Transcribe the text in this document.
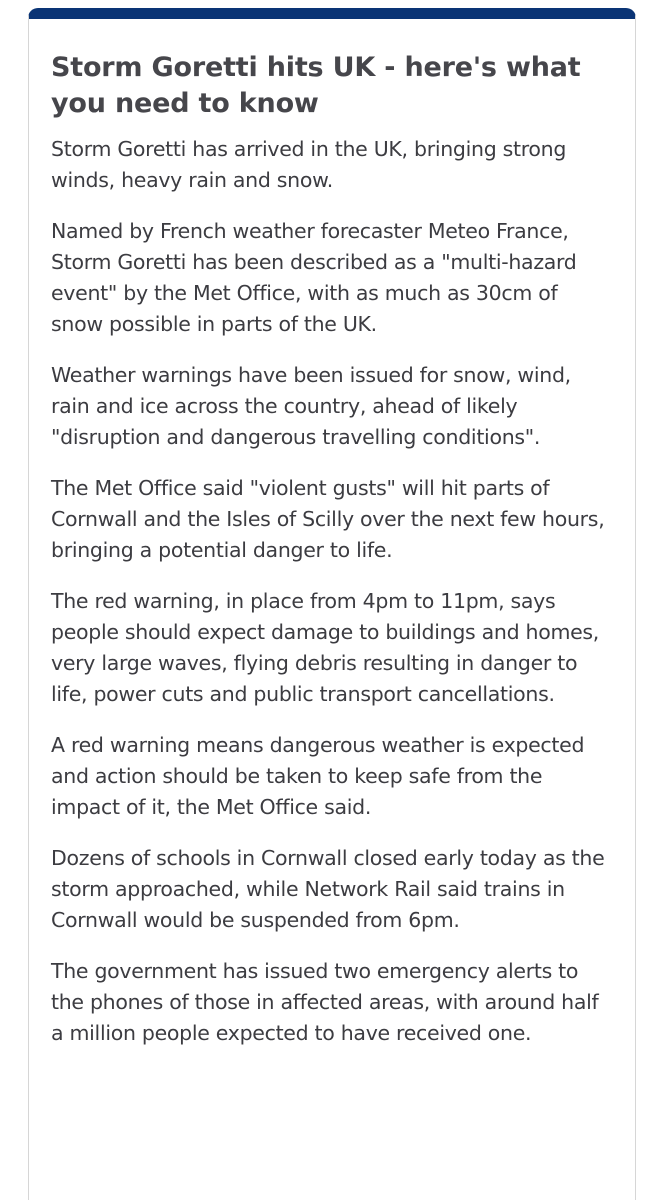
Storm Goretti hits UK - here's what you need to know

Storm Goretti has arrived in the UK, bringing strong winds, heavy rain and snow.

Named by French weather forecaster Meteo France, Storm Goretti has been described as a "multi-hazard event" by the Met Office, with as much as 30cm of snow possible in parts of the UK.

Weather warnings have been issued for snow, wind, rain and ice across the country, ahead of likely "disruption and dangerous travelling conditions".

The Met Office said "violent gusts" will hit parts of Cornwall and the Isles of Scilly over the next few hours, bringing a potential danger to life.

The red warning, in place from 4pm to 11pm, says people should expect damage to buildings and homes, very large waves, flying debris resulting in danger to life, power cuts and public transport cancellations.

A red warning means dangerous weather is expected and action should be taken to keep safe from the impact of it, the Met Office said.

Dozens of schools in Cornwall closed early today as the storm approached, while Network Rail said trains in Cornwall would be suspended from 6pm.

The government has issued two emergency alerts to the phones of those in affected areas, with around half a million people expected to have received one.
